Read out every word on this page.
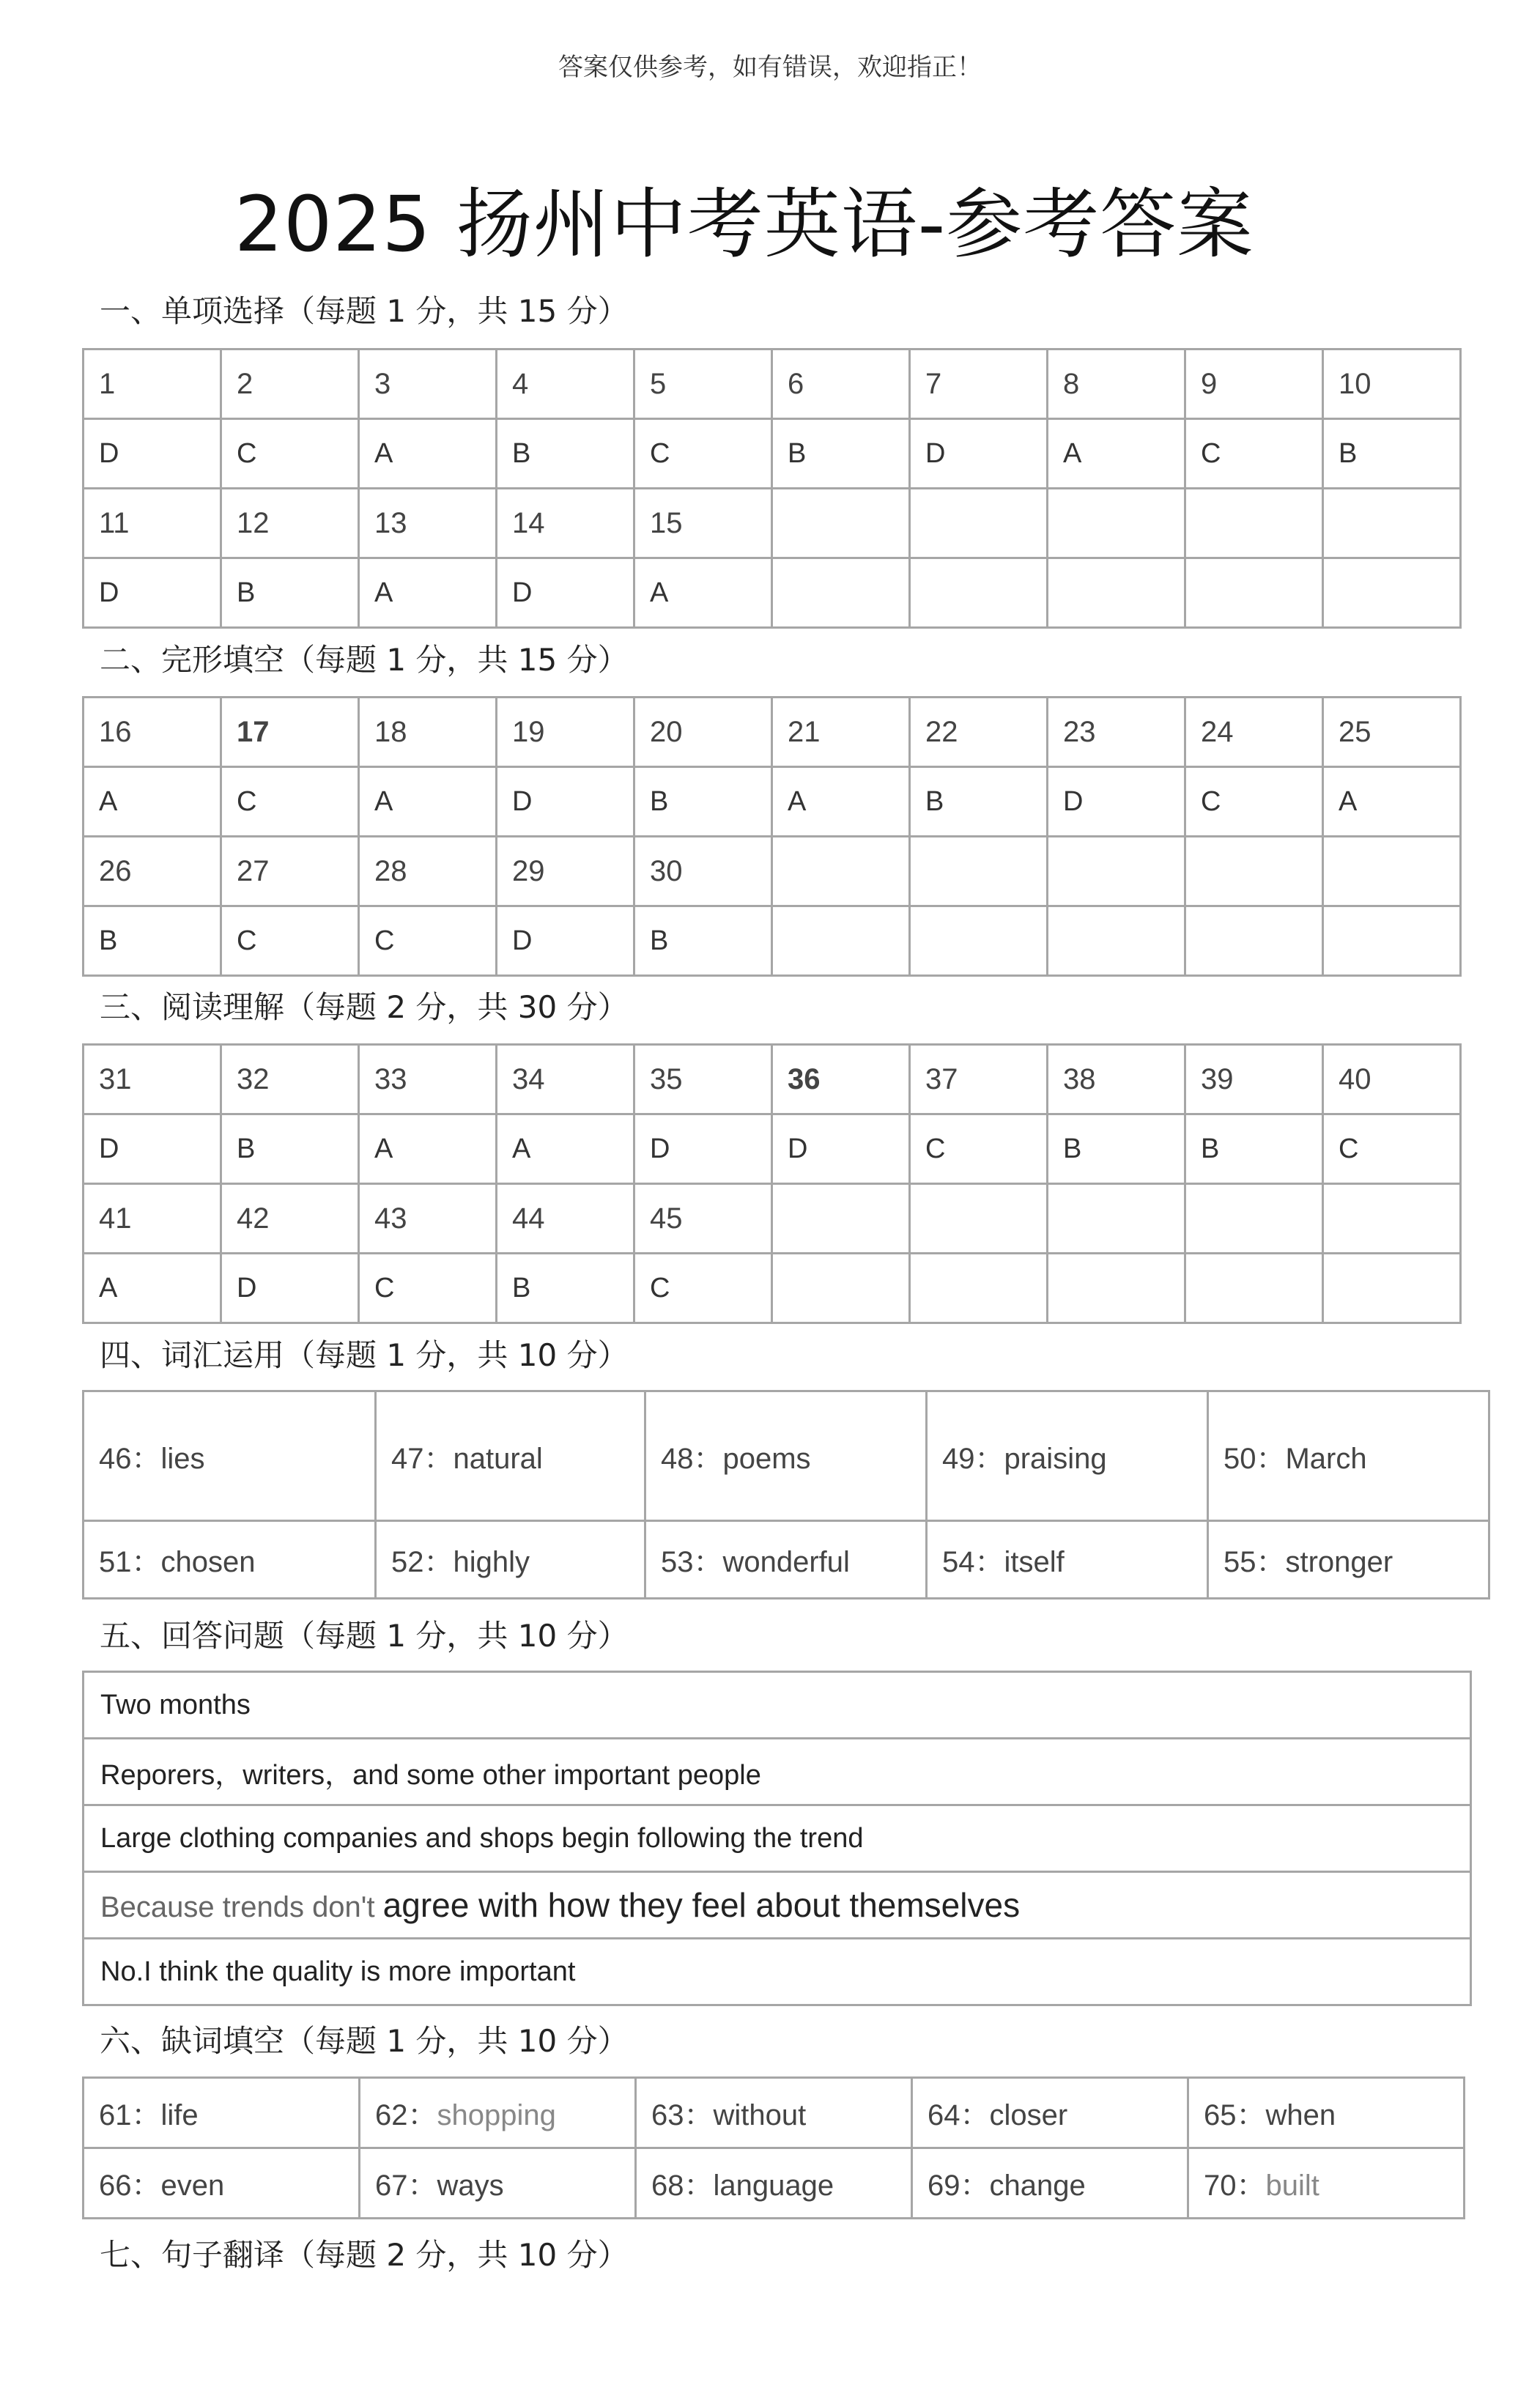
答案仅供参考，如有错误，欢迎指正！
2025 扬州中考英语-参考答案
一、单项选择（每题 1 分，共 15 分）
1	2	3	4	5	6	7	8	9	10
D	C	A	B	C	B	D	A	C	B
11	12	13	14	15					
D	B	A	D	A					
二、完形填空（每题 1 分，共 15 分）
16	17	18	19	20	21	22	23	24	25
A	C	A	D	B	A	B	D	C	A
26	27	28	29	30					
B	C	C	D	B					
三、阅读理解（每题 2 分，共 30 分）
31	32	33	34	35	36	37	38	39	40
D	B	A	A	D	D	C	B	B	C
41	42	43	44	45					
A	D	C	B	C					
四、词汇运用（每题 1 分，共 10 分）
46：lies	47：natural	48：poems	49：praising	50：March
51：chosen	52：highly	53：wonderful	54：itself	55：stronger
五、回答问题（每题 1 分，共 10 分）
Two months
Reporers，writers，and some other important people
Large clothing companies and shops begin following the trend
Because trends don't agree with how they feel about themselves
No.I think the quality is more important
六、缺词填空（每题 1 分，共 10 分）
61：life	62：shopping	63：without	64：closer	65：when
66：even	67：ways	68：language	69：change	70：built
七、句子翻译（每题 2 分，共 10 分）
